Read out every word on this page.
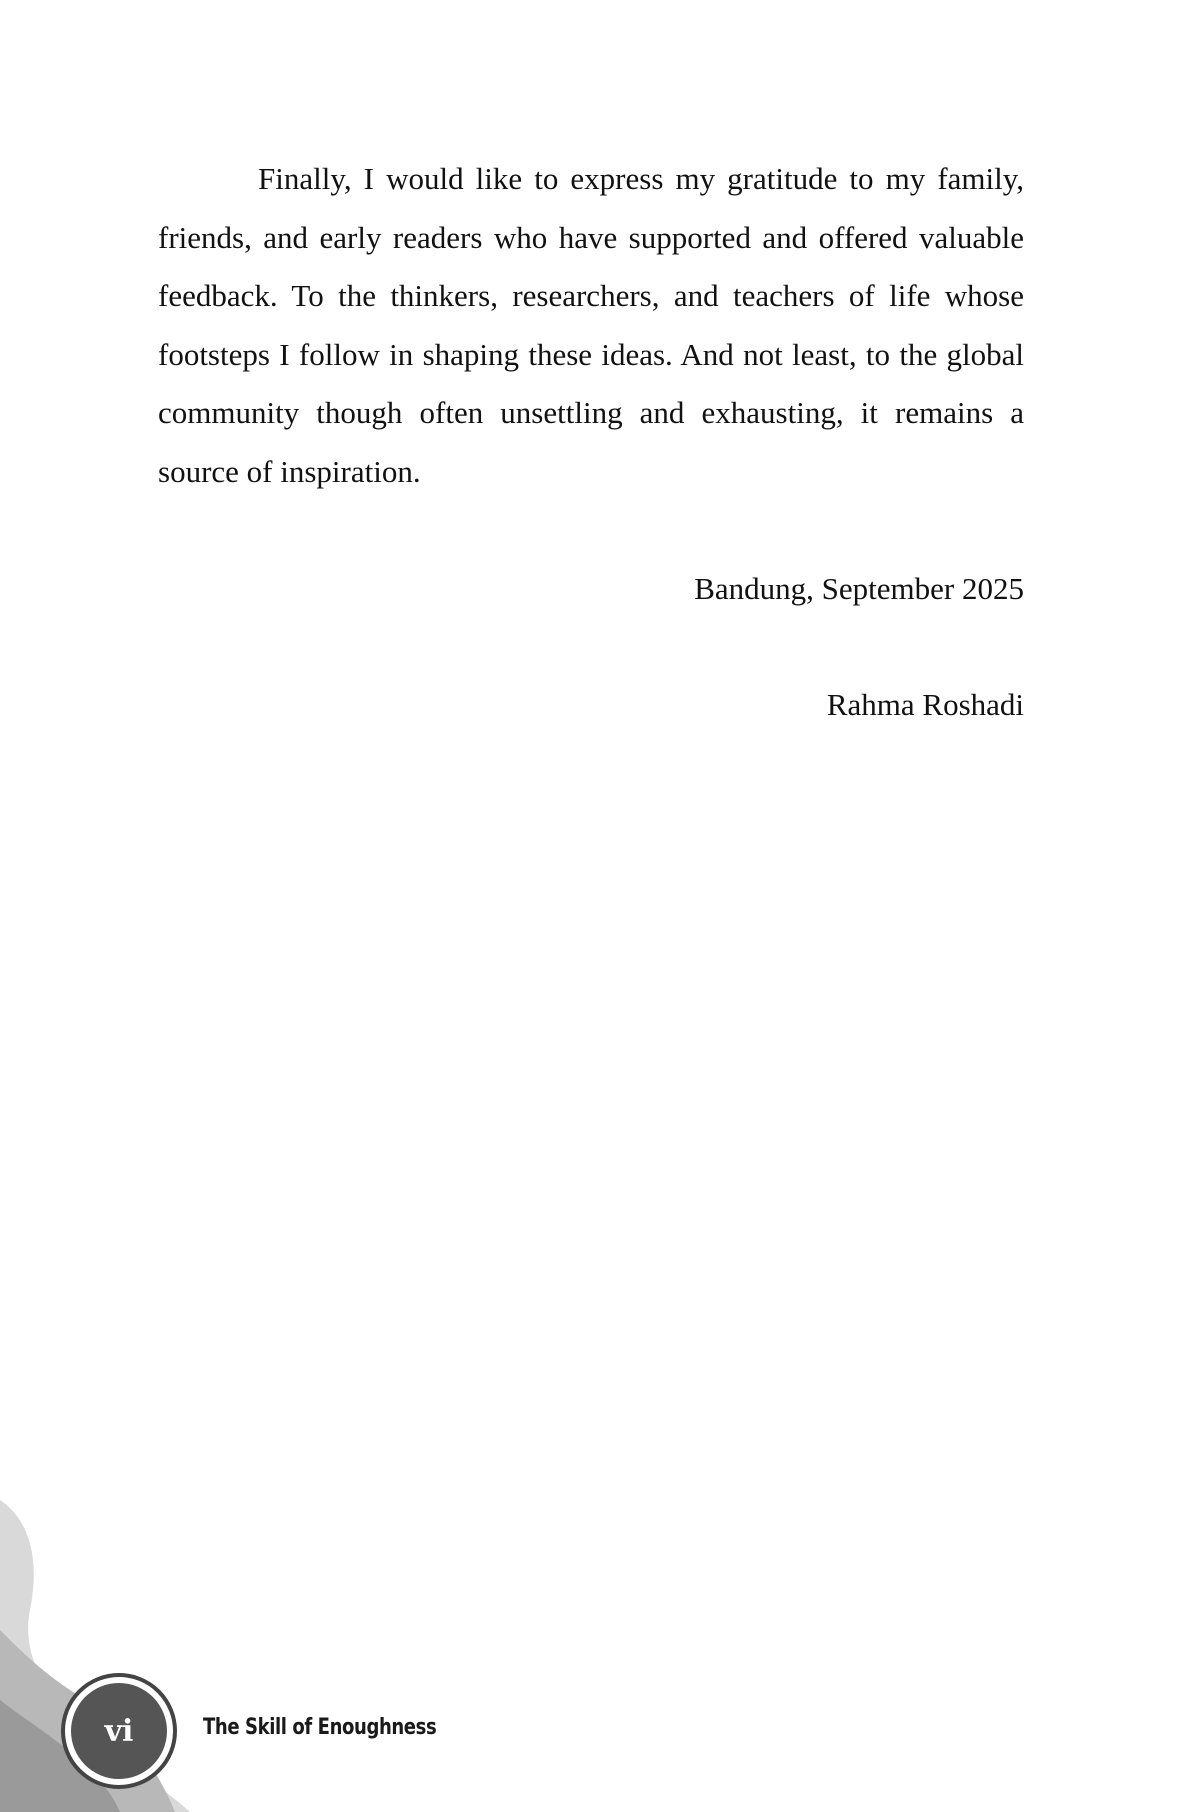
Finally, I would like to express my gratitude to my family, friends, and early readers who have supported and offered valuable feedback. To the thinkers, researchers, and teachers of life whose footsteps I follow in shaping these ideas. And not least, to the global community though often unsettling and exhausting, it remains a source of inspiration.

Bandung, September 2025

Rahma Roshadi

vi	The Skill of Enoughness
